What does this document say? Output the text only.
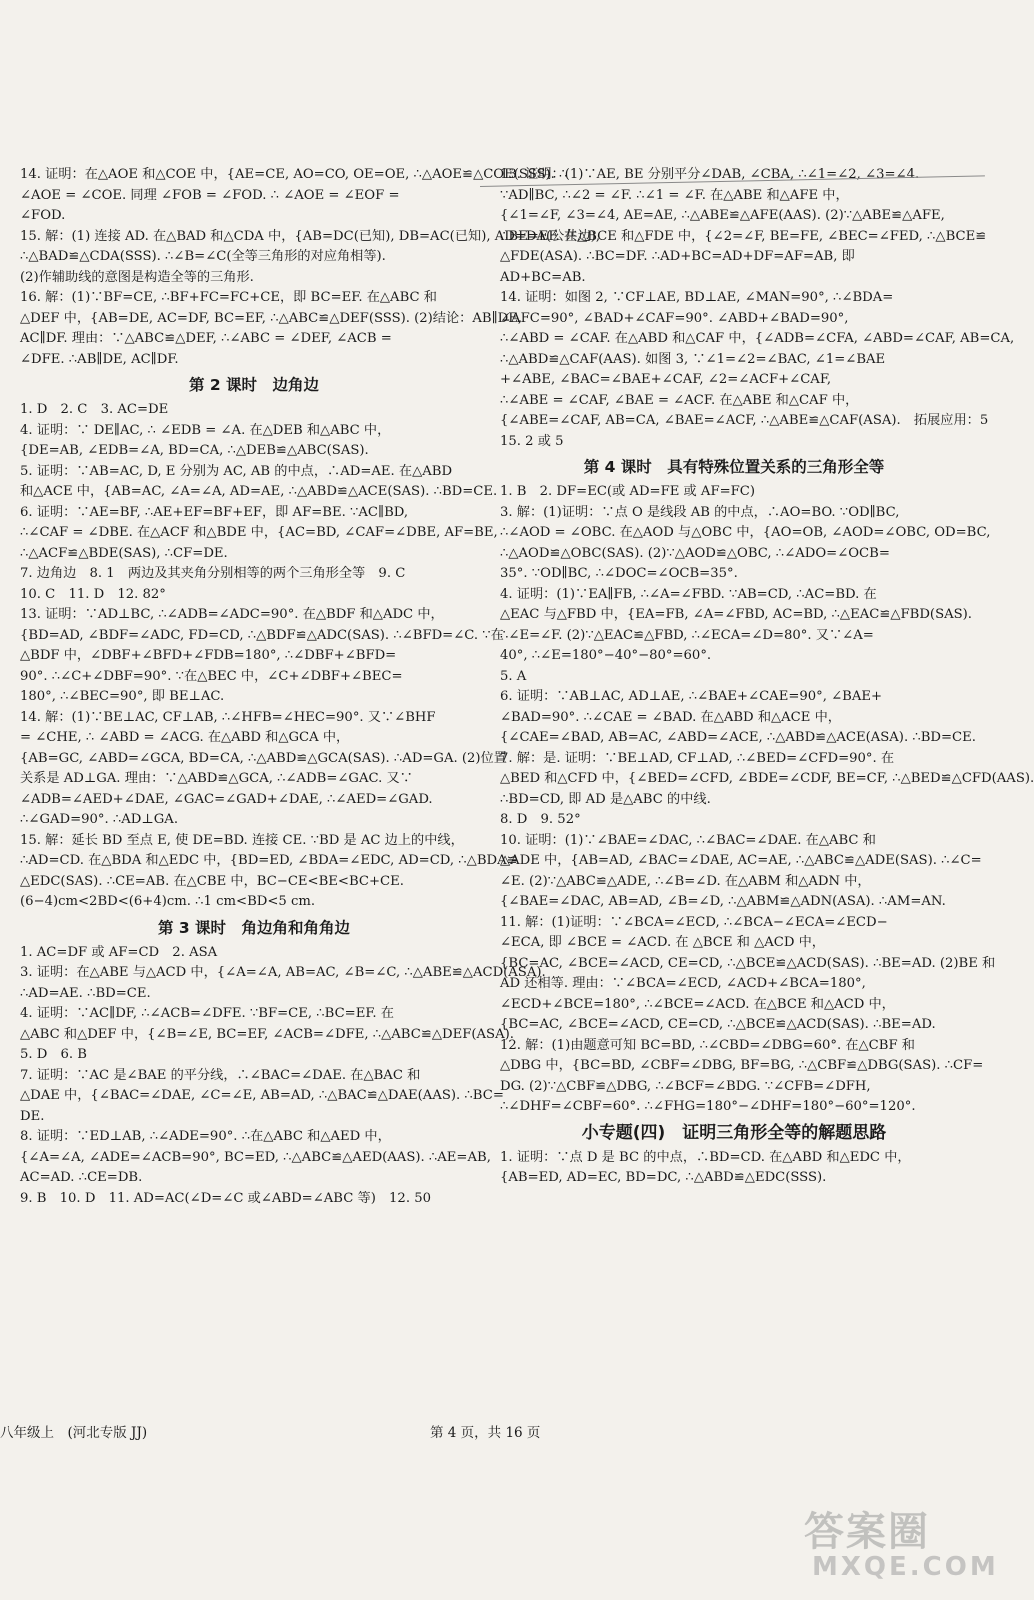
14. 证明：在△AOE 和△COE 中，{AE=CE, AO=CO, OE=OE, ∴△AOE≌△COE(SSS). ∴
∠AOE = ∠COE. 同理 ∠FOB = ∠FOD. ∴ ∠AOE = ∠EOF =
∠FOD.
15. 解：(1) 连接 AD. 在△BAD 和△CDA 中，{AB=DC(已知), DB=AC(已知), AD=DA(公共边),
∴△BAD≌△CDA(SSS). ∴∠B=∠C(全等三角形的对应角相等).
(2)作辅助线的意图是构造全等的三角形.
16. 解：(1)∵BF=CE, ∴BF+FC=FC+CE，即 BC=EF. 在△ABC 和
△DEF 中，{AB=DE, AC=DF, BC=EF, ∴△ABC≌△DEF(SSS). (2)结论：AB∥DE,
AC∥DF. 理由：∵△ABC≌△DEF, ∴∠ABC = ∠DEF, ∠ACB =
∠DFE. ∴AB∥DE, AC∥DF.
第 2 课时　边角边
1. D　2. C　3. AC=DE
4. 证明：∵ DE∥AC, ∴ ∠EDB = ∠A. 在△DEB 和△ABC 中，
{DE=AB, ∠EDB=∠A, BD=CA, ∴△DEB≌△ABC(SAS).
5. 证明：∵AB=AC, D, E 分别为 AC, AB 的中点，∴AD=AE. 在△ABD
和△ACE 中，{AB=AC, ∠A=∠A, AD=AE, ∴△ABD≌△ACE(SAS). ∴BD=CE.
6. 证明：∵AE=BF, ∴AE+EF=BF+EF，即 AF=BE. ∵AC∥BD,
∴∠CAF = ∠DBE. 在△ACF 和△BDE 中，{AC=BD, ∠CAF=∠DBE, AF=BE,
∴△ACF≌△BDE(SAS), ∴CF=DE.
7. 边角边　8. 1　两边及其夹角分别相等的两个三角形全等　9. C
10. C　11. D　12. 82°
13. 证明：∵AD⊥BC, ∴∠ADB=∠ADC=90°. 在△BDF 和△ADC 中，
{BD=AD, ∠BDF=∠ADC, FD=CD, ∴△BDF≌△ADC(SAS). ∴∠BFD=∠C. ∵在
△BDF 中，∠DBF+∠BFD+∠FDB=180°, ∴∠DBF+∠BFD=
90°. ∴∠C+∠DBF=90°. ∵在△BEC 中，∠C+∠DBF+∠BEC=
180°, ∴∠BEC=90°, 即 BE⊥AC.
14. 解：(1)∵BE⊥AC, CF⊥AB, ∴∠HFB=∠HEC=90°. 又∵∠BHF
= ∠CHE, ∴ ∠ABD = ∠ACG. 在△ABD 和△GCA 中，
{AB=GC, ∠ABD=∠GCA, BD=CA, ∴△ABD≌△GCA(SAS). ∴AD=GA. (2)位置
关系是 AD⊥GA. 理由：∵△ABD≌△GCA, ∴∠ADB=∠GAC. 又∵
∠ADB=∠AED+∠DAE, ∠GAC=∠GAD+∠DAE, ∴∠AED=∠GAD.
∴∠GAD=90°. ∴AD⊥GA.
15. 解：延长 BD 至点 E, 使 DE=BD. 连接 CE. ∵BD 是 AC 边上的中线，
∴AD=CD. 在△BDA 和△EDC 中，{BD=ED, ∠BDA=∠EDC, AD=CD, ∴△BDA≌
△EDC(SAS). ∴CE=AB. 在△CBE 中，BC−CE<BE<BC+CE.
(6−4)cm<2BD<(6+4)cm. ∴1 cm<BD<5 cm.
第 3 课时　角边角和角角边
1. AC=DF 或 AF=CD　2. ASA
3. 证明：在△ABE 与△ACD 中，{∠A=∠A, AB=AC, ∠B=∠C, ∴△ABE≌△ACD(ASA).
∴AD=AE. ∴BD=CE.
4. 证明：∵AC∥DF, ∴∠ACB=∠DFE. ∵BF=CE, ∴BC=EF. 在
△ABC 和△DEF 中，{∠B=∠E, BC=EF, ∠ACB=∠DFE, ∴△ABC≌△DEF(ASA).
5. D　6. B
7. 证明：∵AC 是∠BAE 的平分线，∴∠BAC=∠DAE. 在△BAC 和
△DAE 中，{∠BAC=∠DAE, ∠C=∠E, AB=AD, ∴△BAC≌△DAE(AAS). ∴BC=
DE.
8. 证明：∵ED⊥AB, ∴∠ADE=90°. ∴在△ABC 和△AED 中，
{∠A=∠A, ∠ADE=∠ACB=90°, BC=ED, ∴△ABC≌△AED(AAS). ∴AE=AB,
AC=AD. ∴CE=DB.
9. B　10. D　11. AD=AC(∠D=∠C 或∠ABD=∠ABC 等)　12. 50
13. 证明：(1)∵AE, BE 分别平分∠DAB, ∠CBA, ∴∠1=∠2, ∠3=∠4.
∵AD∥BC, ∴∠2 = ∠F. ∴∠1 = ∠F. 在△ABE 和△AFE 中，
{∠1=∠F, ∠3=∠4, AE=AE, ∴△ABE≌△AFE(AAS). (2)∵△ABE≌△AFE,
∴BE=EF. 在△BCE 和△FDE 中，{∠2=∠F, BE=FE, ∠BEC=∠FED, ∴△BCE≌
△FDE(ASA). ∴BC=DF. ∴AD+BC=AD+DF=AF=AB, 即
AD+BC=AB.
14. 证明：如图 2, ∵CF⊥AE, BD⊥AE, ∠MAN=90°, ∴∠BDA=
∠AFC=90°, ∠BAD+∠CAF=90°. ∠ABD+∠BAD=90°,
∴∠ABD = ∠CAF. 在△ABD 和△CAF 中，{∠ADB=∠CFA, ∠ABD=∠CAF, AB=CA,
∴△ABD≌△CAF(AAS). 如图 3, ∵∠1=∠2=∠BAC, ∠1=∠BAE
+∠ABE, ∠BAC=∠BAE+∠CAF, ∠2=∠ACF+∠CAF,
∴∠ABE = ∠CAF, ∠BAE = ∠ACF. 在△ABE 和△CAF 中，
{∠ABE=∠CAF, AB=CA, ∠BAE=∠ACF, ∴△ABE≌△CAF(ASA).　拓展应用：5
15. 2 或 5
第 4 课时　具有特殊位置关系的三角形全等
1. B　2. DF=EC(或 AD=FE 或 AF=FC)
3. 解：(1)证明：∵点 O 是线段 AB 的中点，∴AO=BO. ∵OD∥BC,
∴∠AOD = ∠OBC. 在△AOD 与△OBC 中，{AO=OB, ∠AOD=∠OBC, OD=BC,
∴△AOD≌△OBC(SAS). (2)∵△AOD≌△OBC, ∴∠ADO=∠OCB=
35°. ∵OD∥BC, ∴∠DOC=∠OCB=35°.
4. 证明：(1)∵EA∥FB, ∴∠A=∠FBD. ∵AB=CD, ∴AC=BD. 在
△EAC 与△FBD 中，{EA=FB, ∠A=∠FBD, AC=BD, ∴△EAC≌△FBD(SAS).
∴∠E=∠F. (2)∵△EAC≌△FBD, ∴∠ECA=∠D=80°. 又∵∠A=
40°, ∴∠E=180°−40°−80°=60°.
5. A
6. 证明：∵AB⊥AC, AD⊥AE, ∴∠BAE+∠CAE=90°, ∠BAE+
∠BAD=90°. ∴∠CAE = ∠BAD. 在△ABD 和△ACE 中，
{∠CAE=∠BAD, AB=AC, ∠ABD=∠ACE, ∴△ABD≌△ACE(ASA). ∴BD=CE.
7. 解：是. 证明：∵BE⊥AD, CF⊥AD, ∴∠BED=∠CFD=90°. 在
△BED 和△CFD 中，{∠BED=∠CFD, ∠BDE=∠CDF, BE=CF, ∴△BED≌△CFD(AAS).
∴BD=CD, 即 AD 是△ABC 的中线.
8. D　9. 52°
10. 证明：(1)∵∠BAE=∠DAC, ∴∠BAC=∠DAE. 在△ABC 和
△ADE 中，{AB=AD, ∠BAC=∠DAE, AC=AE, ∴△ABC≌△ADE(SAS). ∴∠C=
∠E. (2)∵△ABC≌△ADE, ∴∠B=∠D. 在△ABM 和△ADN 中，
{∠BAE=∠DAC, AB=AD, ∠B=∠D, ∴△ABM≌△ADN(ASA). ∴AM=AN.
11. 解：(1)证明：∵∠BCA=∠ECD, ∴∠BCA−∠ECA=∠ECD−
∠ECA, 即 ∠BCE = ∠ACD. 在 △BCE 和 △ACD 中，
{BC=AC, ∠BCE=∠ACD, CE=CD, ∴△BCE≌△ACD(SAS). ∴BE=AD. (2)BE 和
AD 还相等. 理由：∵∠BCA=∠ECD, ∠ACD+∠BCA=180°,
∠ECD+∠BCE=180°, ∴∠BCE=∠ACD. 在△BCE 和△ACD 中，
{BC=AC, ∠BCE=∠ACD, CE=CD, ∴△BCE≌△ACD(SAS). ∴BE=AD.
12. 解：(1)由题意可知 BC=BD, ∴∠CBD=∠DBG=60°. 在△CBF 和
△DBG 中，{BC=BD, ∠CBF=∠DBG, BF=BG, ∴△CBF≌△DBG(SAS). ∴CF=
DG. (2)∵△CBF≌△DBG, ∴∠BCF=∠BDG. ∵∠CFB=∠DFH,
∴∠DHF=∠CBF=60°. ∴∠FHG=180°−∠DHF=180°−60°=120°.
小专题(四)　证明三角形全等的解题思路
1. 证明：∵点 D 是 BC 的中点，∴BD=CD. 在△ABD 和△EDC 中，
{AB=ED, AD=EC, BD=DC, ∴△ABD≌△EDC(SSS).
八年级上　(河北专版 JJ)	第 4 页，共 16 页
答案圈
MXQE.COM
